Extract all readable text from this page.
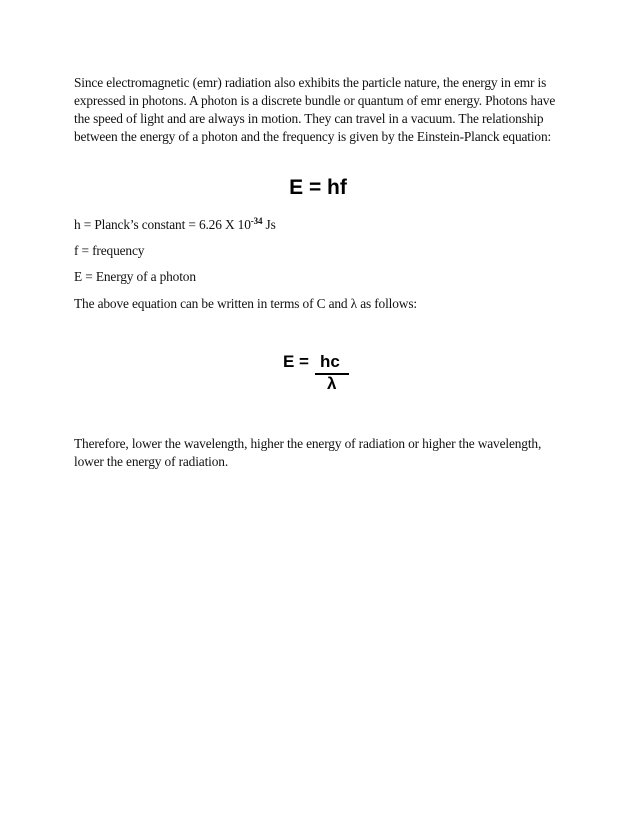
Since electromagnetic (emr) radiation also exhibits the particle nature, the energy in emr is expressed in photons. A photon is a discrete bundle or quantum of emr energy. Photons have the speed of light and are always in motion. They can travel in a vacuum. The relationship between the energy of a photon and the frequency is given by the Einstein-Planck equation:

E = hf
h = Planck’s constant = 6.26 X $10^{-34}$ Js
f = frequency
E = Energy of a photon
The above equation can be written in terms of C and λ as follows:
E = hc
λ

Therefore, lower the wavelength, higher the energy of radiation or higher the wavelength, lower the energy of radiation.
